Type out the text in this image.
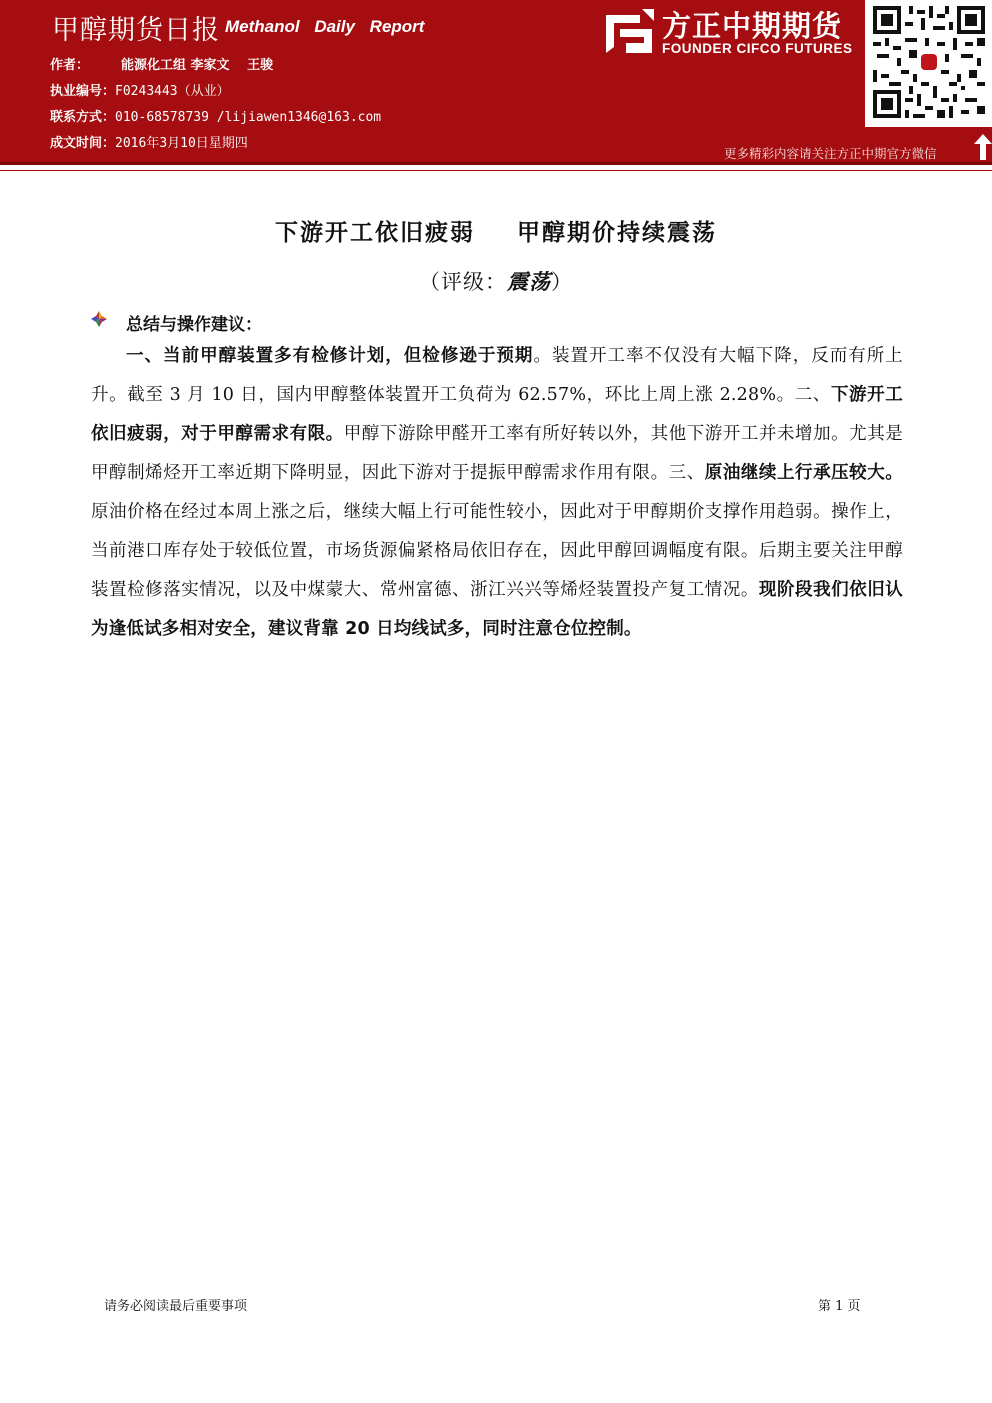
甲醇期货日报 Methanol Daily Report
作者： 能源化工组 李家文　 王骏
执业编号：F0243443（从业）
联系方式：010-68578739 /lijiawen1346@163.com
成文时间：2016年3月10日星期四
方正中期期货
FOUNDER CIFCO FUTURES
更多精彩内容请关注方正中期官方微信
下游开工依旧疲弱 甲醇期价持续震荡
（评级：震荡）
总结与操作建议：
一、当前甲醇装置多有检修计划，但检修逊于预期。装置开工率不仅没有大幅下降，反而有所上升。截至 3 月 10 日，国内甲醇整体装置开工负荷为 62.57%，环比上周上涨 2.28%。二、下游开工依旧疲弱，对于甲醇需求有限。甲醇下游除甲醛开工率有所好转以外，其他下游开工并未增加。尤其是甲醇制烯烃开工率近期下降明显，因此下游对于提振甲醇需求作用有限。三、原油继续上行承压较大。原油价格在经过本周上涨之后，继续大幅上行可能性较小，因此对于甲醇期价支撑作用趋弱。操作上，当前港口库存处于较低位置，市场货源偏紧格局依旧存在，因此甲醇回调幅度有限。后期主要关注甲醇装置检修落实情况，以及中煤蒙大、常州富德、浙江兴兴等烯烃装置投产复工情况。现阶段我们依旧认为逢低试多相对安全，建议背靠 20 日均线试多，同时注意仓位控制。
请务必阅读最后重要事项	第 1 页
